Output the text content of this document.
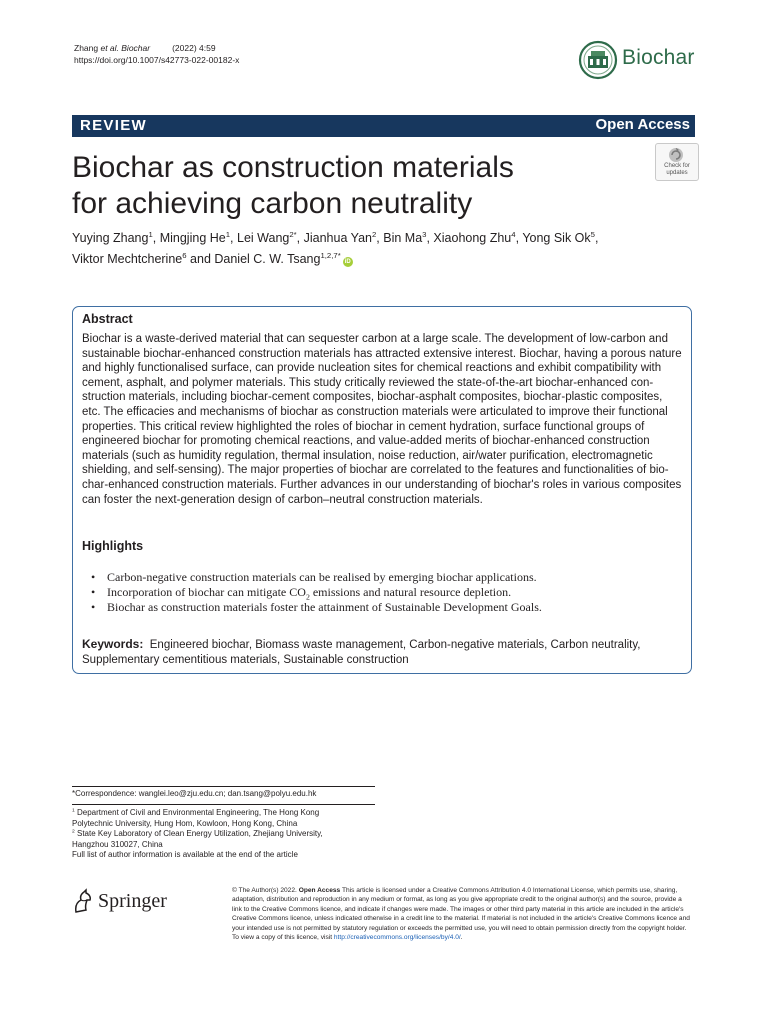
Zhang et al. Biochar	(2022) 4:59
https://doi.org/10.1007/s42773-022-00182-x	Biochar
REVIEW	Open Access
Biochar as construction materials
for achieving carbon neutrality
Check for updates
Yuying Zhang$^1$, Mingjing He$^1$, Lei Wang$^{2*}$, Jianhua Yan$^2$, Bin Ma$^3$, Xiaohong Zhu$^4$, Yong Sik Ok$^5$,
Viktor Mechtcherine$^6$ and Daniel C. W. Tsang$^{1,2,7*}$iD
Abstract
Biochar is a waste-derived material that can sequester carbon at a large scale. The development of low-carbon and
sustainable biochar-enhanced construction materials has attracted extensive interest. Biochar, having a porous nature
and highly functionalised surface, can provide nucleation sites for chemical reactions and exhibit compatibility with
cement, asphalt, and polymer materials. This study critically reviewed the state-of-the-art biochar-enhanced con-
struction materials, including biochar-cement composites, biochar-asphalt composites, biochar-plastic composites,
etc. The efficacies and mechanisms of biochar as construction materials were articulated to improve their functional
properties. This critical review highlighted the roles of biochar in cement hydration, surface functional groups of
engineered biochar for promoting chemical reactions, and value-added merits of biochar-enhanced construction
materials (such as humidity regulation, thermal insulation, noise reduction, air/water purification, electromagnetic
shielding, and self-sensing). The major properties of biochar are correlated to the features and functionalities of bio-
char-enhanced construction materials. Further advances in our understanding of biochar's roles in various composites
can foster the next-generation design of carbon–neutral construction materials.
Highlights
• Carbon-negative construction materials can be realised by emerging biochar applications.
• Incorporation of biochar can mitigate $CO_2$ emissions and natural resource depletion.
• Biochar as construction materials foster the attainment of Sustainable Development Goals.
Keywords: Engineered biochar, Biomass waste management, Carbon-negative materials, Carbon neutrality, Supplementary cementitious materials, Sustainable construction
*Correspondence: wanglei.leo@zju.edu.cn; dan.tsang@polyu.edu.hk
$^1$ Department of Civil and Environmental Engineering, The Hong Kong
Polytechnic University, Hung Hom, Kowloon, Hong Kong, China
$^2$ State Key Laboratory of Clean Energy Utilization, Zhejiang University,
Hangzhou 310027, China
Full list of author information is available at the end of the article
Springer	© The Author(s) 2022. Open Access This article is licensed under a Creative Commons Attribution 4.0 International License, which permits use, sharing, adaptation, distribution and reproduction in any medium or format, as long as you give appropriate credit to the original author(s) and the source, provide a link to the Creative Commons licence, and indicate if changes were made. The images or other third party material in this article are included in the article's Creative Commons licence, unless indicated otherwise in a credit line to the material. If material is not included in the article's Creative Commons licence and your intended use is not permitted by statutory regulation or exceeds the permitted use, you will need to obtain permission directly from the copyright holder. To view a copy of this licence, visit http://creativecommons.org/licenses/by/4.0/.
